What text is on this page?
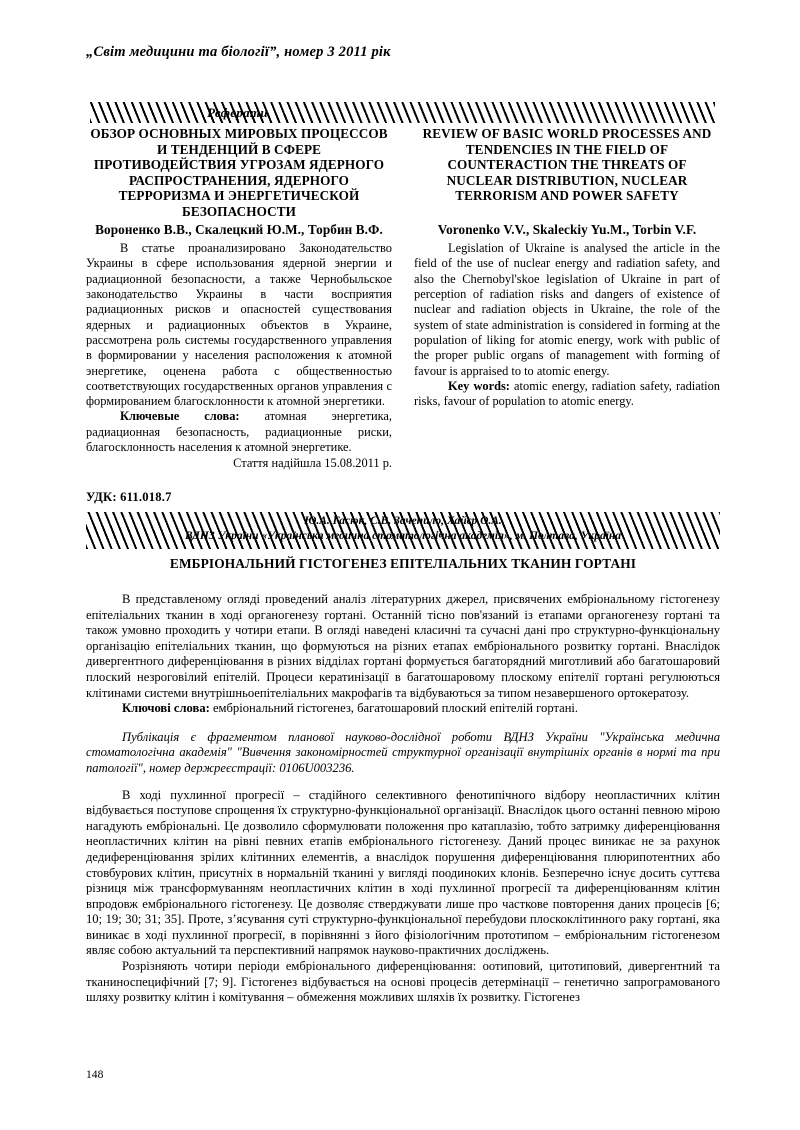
„Світ медицини та біології”, номер 3 2011 рік
Реферати
ОБЗОР ОСНОВНЫХ МИРОВЫХ ПРОЦЕССОВ И ТЕНДЕНЦИЙ В СФЕРЕ ПРОТИВОДЕЙСТВИЯ УГРОЗАМ ЯДЕРНОГО РАСПРОСТРАНЕНИЯ, ЯДЕРНОГО ТЕРРОРИЗМА И ЭНЕРГЕТИЧЕСКОЙ БЕЗОПАСНОСТИ
REVIEW OF BASIC WORLD PROCESSES AND TENDENCIES IN THE FIELD OF COUNTERACTION THE THREATS OF NUCLEAR DISTRIBUTION, NUCLEAR TERRORISM AND POWER SAFETY
Вороненко В.В., Скалецкий Ю.М., Торбин В.Ф.	Voronenko V.V., Skaleckiy Yu.M., Torbin V.F.

В статье проанализировано Законодательство Украины в сфере использования ядерной энергии и радиационной безопасности, а также Чернобыльское законодательство Украины в части восприятия радиационных рисков и опасностей существования ядерных и радиационных объектов в Украине, рассмотрена роль системы государственного управления в формировании у населения расположения к атомной энергетике, оценена работа с общественностью соответствующих государственных органов управления с формированием благосклонности к атомной энергетики.

Ключевые слова: атомная энергетика, радиационная безопасность, радиационные риски, благосклонность населения к атомной энергетике.

Стаття надійшла 15.08.2011 р.

Legislation of Ukraine is analysed the article in the field of the use of nuclear energy and radiation safety, and also the Chernobyl'skoe legislation of Ukraine in part of perception of radiation risks and dangers of existence of nuclear and radiation objects in Ukraine, the role of the system of state administration is considered in forming at the population of liking for atomic energy, work with public of the proper public organs of management with forming of favour is appraised to to atomic energy.

Key words: atomic energy, radiation safety, radiation risks, favour of population to atomic energy.

УДК: 611.018.7
Ю.А. Гасюк, С.В. Зачепило, Хайєр О.А.
ВДНЗ України «Українська медична стоматологічна академія», м. Полтава, Україна
ЕМБРІОНАЛЬНИЙ ГІСТОГЕНЕЗ ЕПІТЕЛІАЛЬНИХ ТКАНИН ГОРТАНІ

В представленому огляді проведений аналіз літературних джерел, присвячених ембріональному гістогенезу епітеліальних тканин в ході органогенезу гортані. Останній тісно пов'язаний із етапами органогенезу гортані та також умовно проходить у чотири етапи. В огляді наведені класичні та сучасні дані про структурно-функціональну організацію епітеліальних тканин, що формуються на різних етапах ембріонального розвитку гортані. Внаслідок дивергентного диференціювання в різних відділах гортані формується багаторядний миготливий або багатошаровий плоский незроговілий епітелій. Процеси кератинізації в багатошаровому плоскому епітелії гортані регулюються клітинами системи внутрішньоепітеліальних макрофагів та відбуваються за типом незавершеного ортокератозу.

Ключові слова: ембріональний гістогенез, багатошаровий плоский епітелій гортані.

Публікація є фрагментом планової науково-дослідної роботи ВДНЗ України "Українська медична стоматологічна академія" "Вивчення закономірностей структурної організації внутрішніх органів в нормі та при патології", номер держреєстрації: 0106U003236.

В ході пухлинної прогресії – стадійного селективного фенотипічного відбору неопластичних клітин відбувається поступове спрощення їх структурно-функціональної організації. Внаслідок цього останні певною мірою нагадують ембріональні. Це дозволило сформулювати положення про катаплазію, тобто затримку диференціювання неопластичних клітин на рівні певних етапів ембріонального гістогенезу. Даний процес виникає не за рахунок дедиференціювання зрілих клітинних елементів, а внаслідок порушення диференціювання плюрипотентних або стовбурових клітин, присутніх в нормальній тканині у вигляді поодиноких клонів. Безперечно існує досить суттєва різниця між трансформуванням неопластичних клітин в ході пухлинної прогресії та диференціюванням клітин впродовж ембріонального гістогенезу. Це дозволяє стверджувати лише про часткове повторення даних процесів [6; 10; 19; 30; 31; 35]. Проте, з’ясування суті структурно-функціональної перебудови плоскоклітинного раку гортані, яка виникає в ході пухлинної прогресії, в порівнянні з його фізіологічним прототипом – ембріональним гістогенезом являє собою актуальний та перспективний напрямок науково-практичних досліджень.

Розрізняють чотири періоди ембріонального диференціювання: оотиповий, цитотиповий, дивергентний та тканиноспецифічний [7; 9]. Гістогенез відбувається на основі процесів детермінації – генетично запрограмованого шляху розвитку клітин і комітування – обмеження можливих шляхів їх розвитку. Гістогенез

148
